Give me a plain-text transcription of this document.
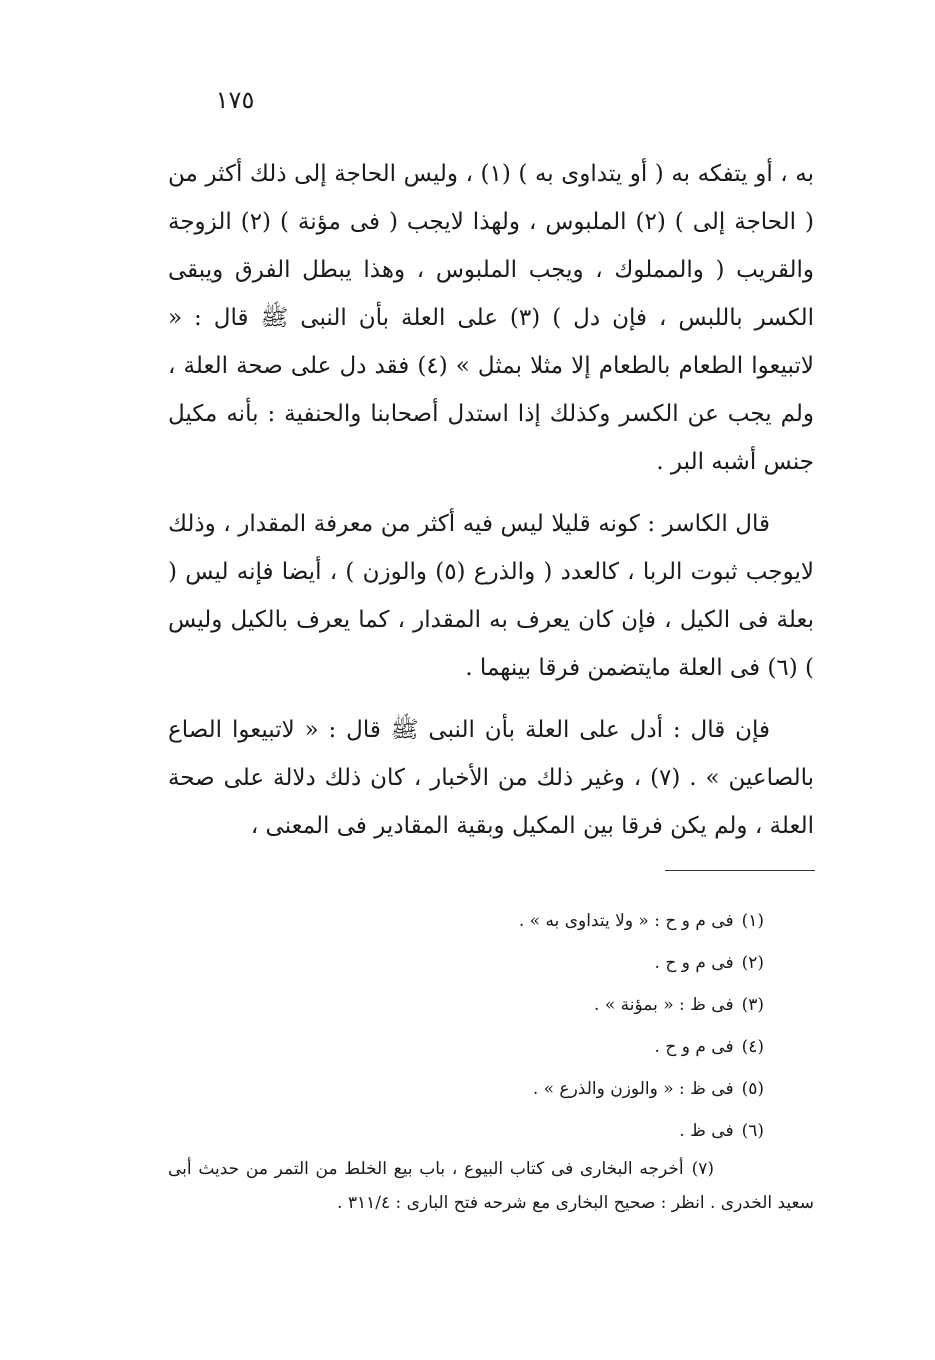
١٧٥

به ، أو يتفكه به ( أو يتداوى به ) (١) ، وليس الحاجة إلى ذلك أكثر من ( الحاجة إلى ) (٢) الملبوس ، ولهذا لايجب ( فى مؤنة ) (٢) الزوجة والقريب ( والمملوك ، ويجب الملبوس ، وهذا يبطل الفرق ويبقى الكسر باللبس ، فإن دل ) (٣) على العلة بأن النبى ﷺ قال : « لاتبيعوا الطعام بالطعام إلا مثلا بمثل » (٤) فقد دل على صحة العلة ، ولم يجب عن الكسر وكذلك إذا استدل أصحابنا والحنفية : بأنه مكيل جنس أشبه البر .

قال الكاسر : كونه قليلا ليس فيه أكثر من معرفة المقدار ، وذلك لايوجب ثبوت الربا ، كالعدد ( والذرع (٥) والوزن ) ، أيضا فإنه ليس ( بعلة فى الكيل ، فإن كان يعرف به المقدار ، كما يعرف بالكيل وليس ) (٦) فى العلة مايتضمن فرقا بينهما .

فإن قال : أدل على العلة بأن النبى ﷺ قال : « لاتبيعوا الصاع بالصاعين » . (٧) ، وغير ذلك من الأخبار ، كان ذلك دلالة على صحة العلة ، ولم يكن فرقا بين المكيل وبقية المقادير فى المعنى ،

(١)فى م و ح : « ولا يتداوى به » .
(٢)فى م و ح .
(٣)فى ظ : « بمؤنة » .
(٤)فى م و ح .
(٥)فى ظ : « والوزن والذرع » .
(٦)فى ظ .
(٧)أخرجه البخارى فى كتاب البيوع ، باب بيع الخلط من التمر من حديث أبى سعيد الخدرى . انظر : صحيح البخارى مع شرحه فتح البارى : ٣١١/٤ .
